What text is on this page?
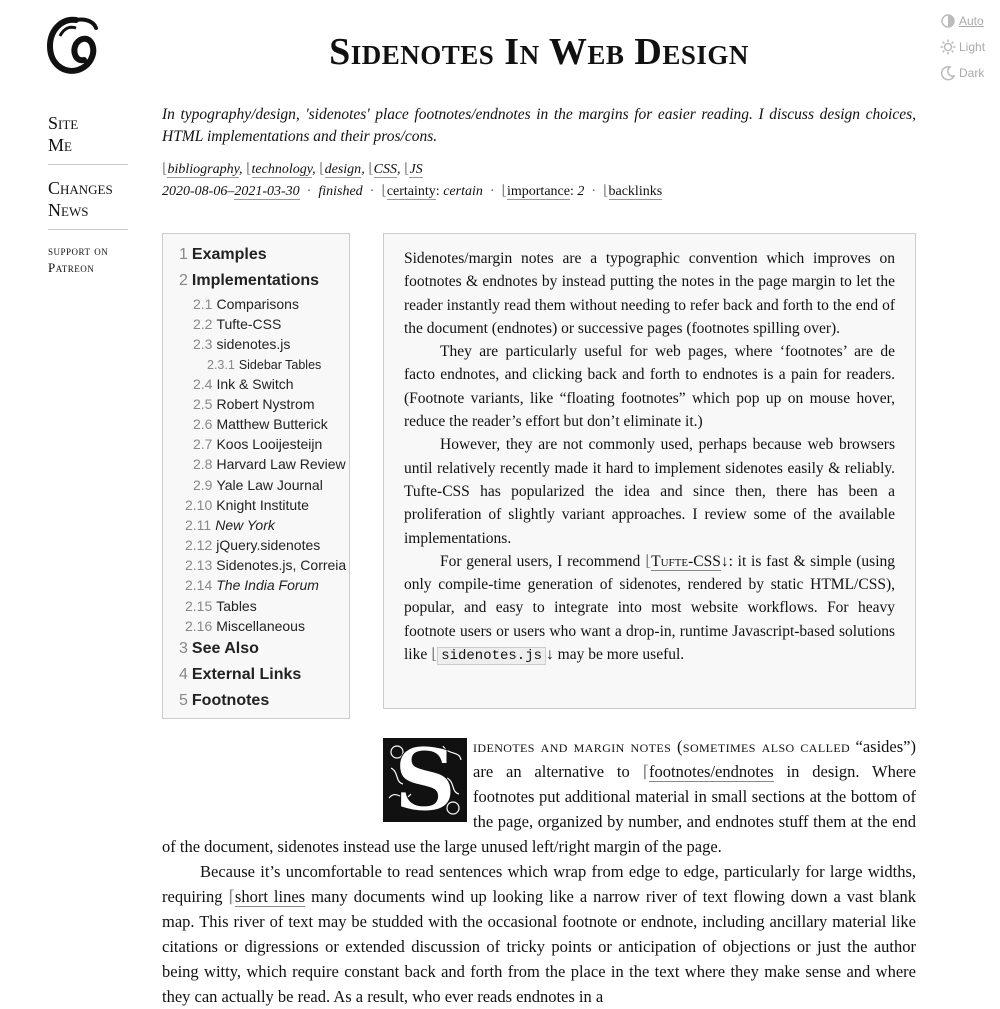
Auto
Light
Dark
Sidenotes In Web Design
Site
Me
Changes
News
support on
Patreon
In typography/design, 'sidenotes' place footnotes/endnotes in the margins for easier reading. I discuss design choices, HTML implementations and their pros/cons.
⌊bibliography, ⌊technology, ⌊design, ⌊CSS, ⌊JS
2020-08-06–2021-03-30 · finished · ⌊certainty: certain · ⌊importance: 2 · ⌊backlinks
1 Examples
2 Implementations
2.1 Comparisons
2.2 Tufte-CSS
2.3 sidenotes.js
2.3.1 Sidebar Tables
2.4 Ink & Switch
2.5 Robert Nystrom
2.6 Matthew Butterick
2.7 Koos Looijesteijn
2.8 Harvard Law Review
2.9 Yale Law Journal
2.10 Knight Institute
2.11 New York
2.12 jQuery.sidenotes
2.13 Sidenotes.js, Correia
2.14 The India Forum
2.15 Tables
2.16 Miscellaneous
3 See Also
4 External Links
5 Footnotes

Sidenotes/margin notes are a typographic convention which improves on footnotes & endnotes by instead putting the notes in the page margin to let the reader instantly read them without needing to refer back and forth to the end of the document (endnotes) or successive pages (footnotes spilling over).

They are particularly useful for web pages, where ‘footnotes’ are de facto endnotes, and clicking back and forth to endnotes is a pain for readers. (Footnote variants, like “floating footnotes” which pop up on mouse hover, reduce the reader’s effort but don’t eliminate it.)

However, they are not commonly used, perhaps because web browsers until relatively recently made it hard to implement sidenotes easily & reliably. Tufte-CSS has popularized the idea and since then, there has been a proliferation of slightly variant approaches. I review some of the available implementations.

For general users, I recommend ⌊Tufte-CSS↓: it is fast & simple (using only compile-time generation of sidenotes, rendered by static HTML/CSS), popular, and easy to integrate into most website workflows. For heavy footnote users or users who want a drop-in, runtime Javascript-based solutions like ⌊ sidenotes.js ↓ may be more useful.

S	idenotes and margin notes (sometimes also called “asides”) are an alternative to ⌈footnotes/endnotes in design. Where footnotes put additional material in small sections at the bottom of the page, organized by number, and endnotes stuff them at the end of the document, sidenotes instead use the large unused left/right margin of the page.

Because it’s uncomfortable to read sentences which wrap from edge to edge, particularly for large widths, requiring ⌈short lines many documents wind up looking like a narrow river of text flowing down a vast blank map. This river of text may be studded with the occasional footnote or endnote, including ancillary material like citations or digressions or extended discussion of tricky points or anticipation of objections or just the author being witty, which require constant back and forth from the place in the text where they make sense and where they can actually be read. As a result, who ever reads endnotes in a
